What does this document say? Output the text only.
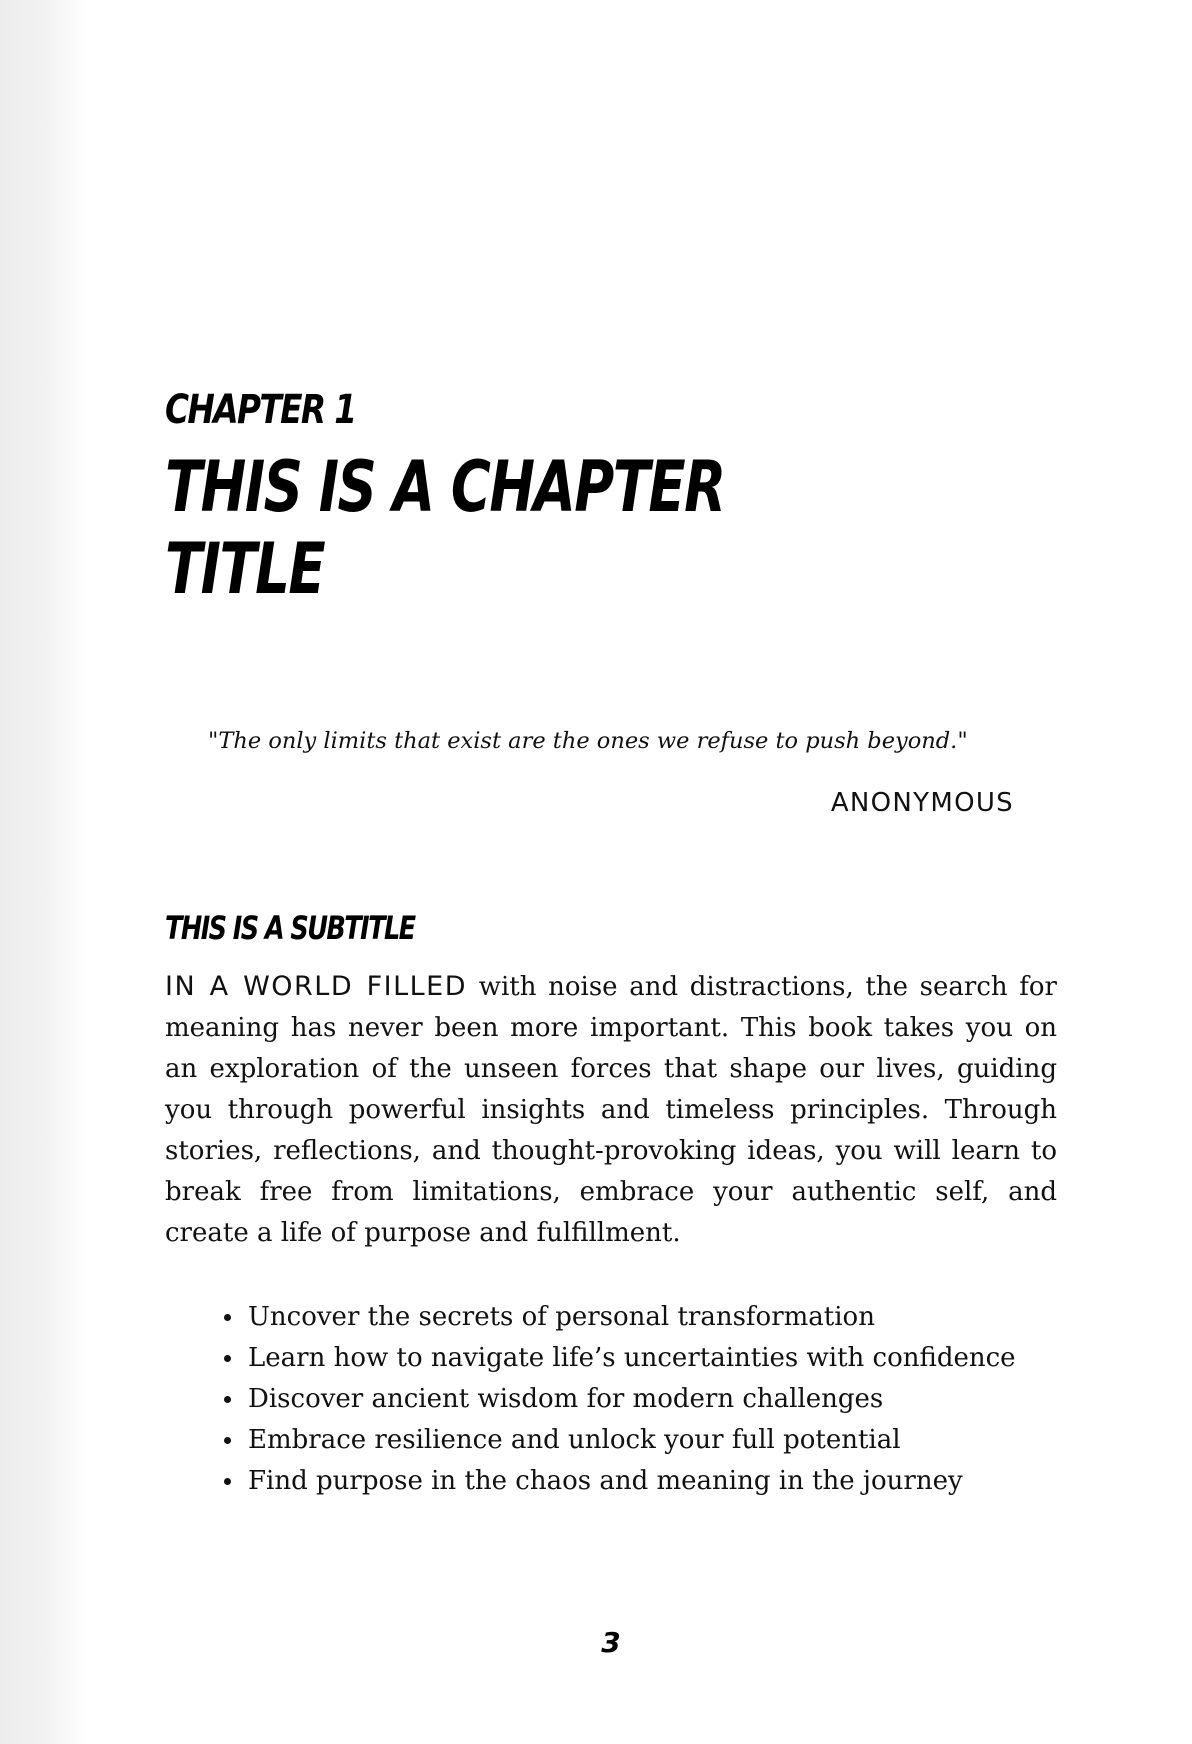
CHAPTER 1
THIS IS A CHAPTER TITLE
"The only limits that exist are the ones we refuse to push beyond."
ANONYMOUS
THIS IS A SUBTITLE

IN A WORLD FILLED with noise and distractions, the search for meaning has never been more important. This book takes you on an exploration of the unseen forces that shape our lives, guiding you through powerful insights and timeless principles. Through stories, reflections, and thought-provoking ideas, you will learn to break free from limitations, embrace your authentic self, and create a life of purpose and fulfillment.

Uncover the secrets of personal transformation
Learn how to navigate life’s uncertainties with confidence
Discover ancient wisdom for modern challenges
Embrace resilience and unlock your full potential
Find purpose in the chaos and meaning in the journey
3
